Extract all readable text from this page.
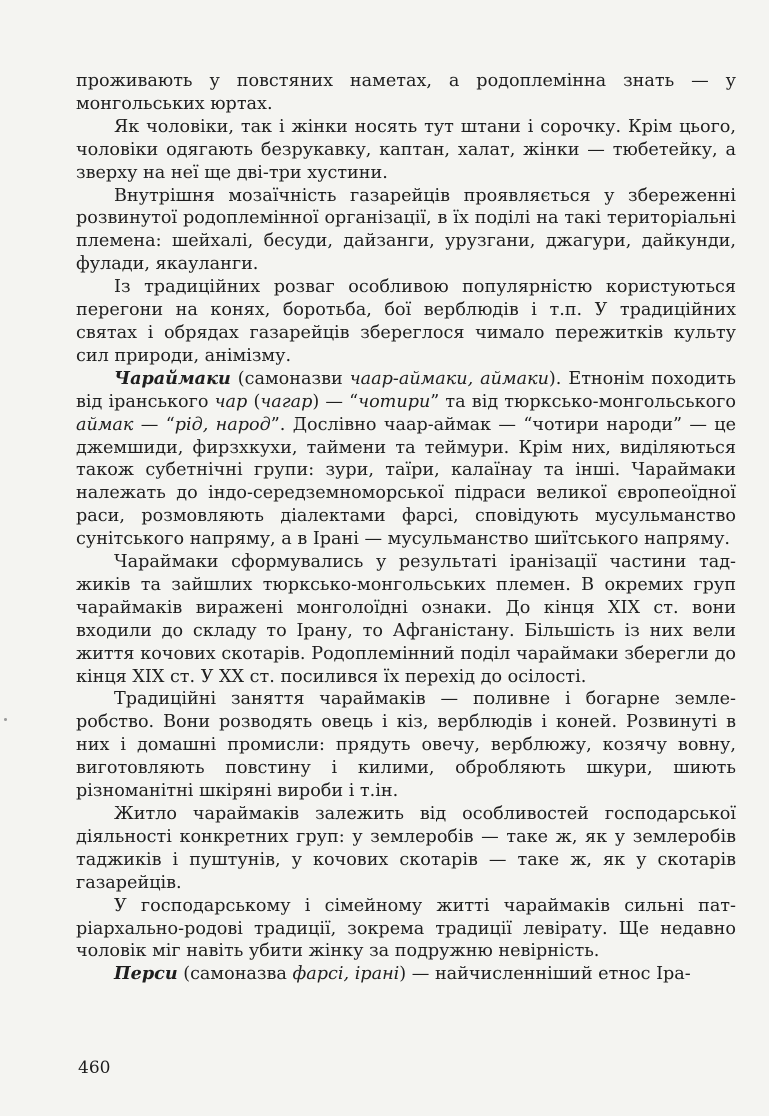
проживають у повстяних наметах, а родоплемінна знать — у монгольських юртах.

Як чоловіки, так і жінки носять тут штани і сорочку. Крім цього, чоловіки одягають безрукавку, каптан, халат, жінки — тюбетейку, а зверху на неї ще дві-три хустини.

Внутрішня мозаїчність газарейців проявляється у збереженні розвинутої родоплемінної організації, в їх поділі на такі територіальні племена: шейхалі, бесуди, дайзанги, урузгани, джагури, дайкунди, фулади, якауланги.

Із традиційних розваг особливою популярністю користуються перегони на конях, боротьба, бої верблюдів і т.п. У традиційних святах і обрядах газарейців збереглося чимало пережитків культу сил природи, анімізму.

Чараймаки (самоназви чаар-аймаки, аймаки). Етнонім походить від іранського чар (чагар) — “чотири” та від тюрксько-монгольського аймак — “рід, народ”. Дослівно чаар-аймак — “чотири народи” — це джемшиди, фирзхкухи, таймени та теймури. Крім них, виділяються також субетнічні групи: зури, таїри, калаїнау та інші. Чараймаки належать до індо-середземноморської підраси великої європеоїдної раси, розмовляють діалектами фарсі, сповідують мусульманство сунітського напряму, а в Ірані — мусульманство шиїтського напряму.

Чараймаки сформувались у результаті іранізації частини таджиків та зайшлих тюрксько-монгольських племен. В окремих груп чараймаків виражені монголоїдні ознаки. До кінця XIX ст. вони входили до складу то Ірану, то Афганістану. Більшість із них вели життя кочових скотарів. Родоплемінний поділ чараймаки зберегли до кінця XIX ст. У XX ст. посилився їх перехід до осілості.

Традиційні заняття чараймаків — поливне і богарне землеробство. Вони розводять овець і кіз, верблюдів і коней. Розвинуті в них і домашні промисли: прядуть овечу, верблюжу, козячу вовну, виготовляють повстину і килими, обробляють шкури, шиють різноманітні шкіряні вироби і т.ін.

Житло чараймаків залежить від особливостей господарської діяльності конкретних груп: у землеробів — таке ж, як у землеробів таджиків і пуштунів, у кочових скотарів — таке ж, як у скотарів газарейців.

У господарському і сімейному житті чараймаків сильні патріархально-родові традиції, зокрема традиції левірату. Ще недавно чоловік міг навіть убити жінку за подружню невірність.

Перси (самоназва фарсі, ірані) — найчисленніший етнос Іра-

460
